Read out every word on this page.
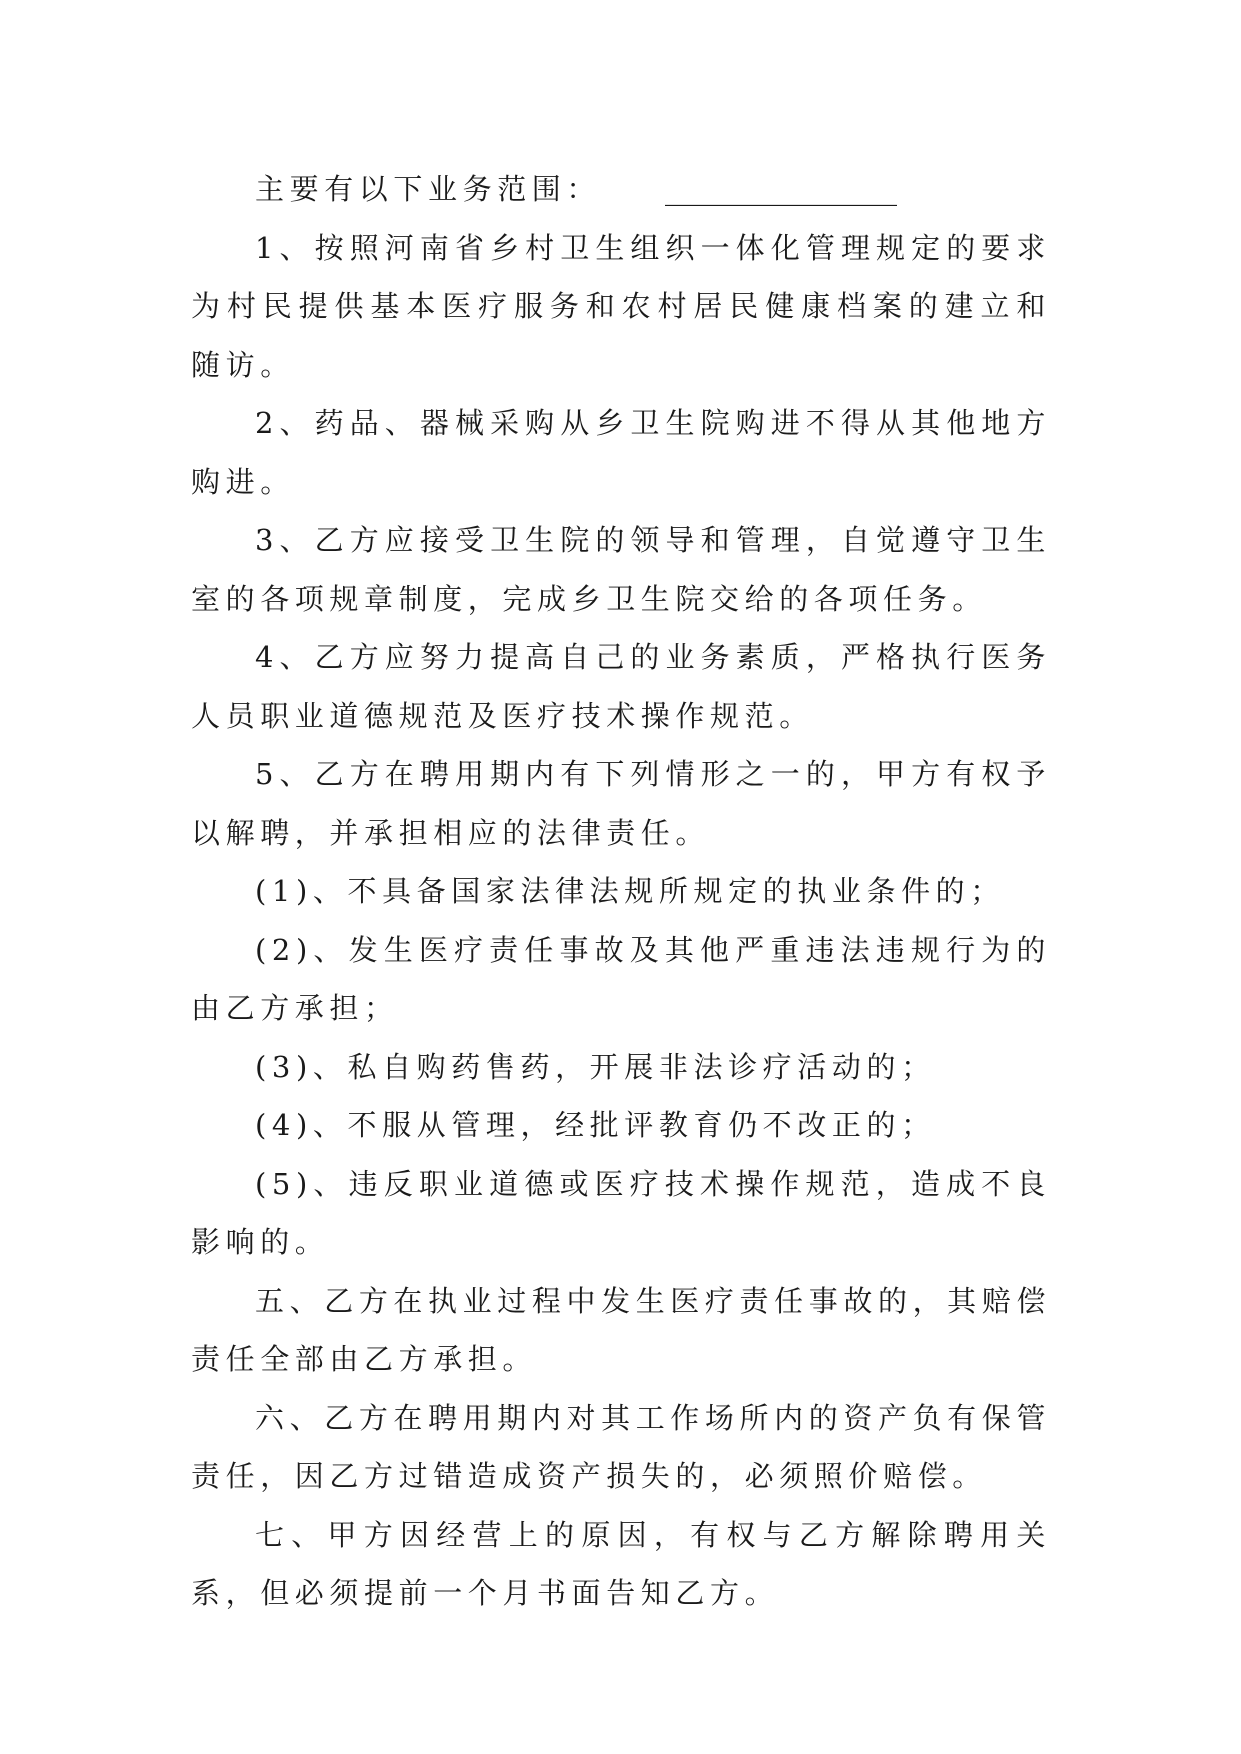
主要有以下业务范围： ________________

1、按照河南省乡村卫生组织一体化管理规定的要求为村民提供基本医疗服务和农村居民健康档案的建立和随访。

2、药品、器械采购从乡卫生院购进不得从其他地方购进。

3、乙方应接受卫生院的领导和管理，自觉遵守卫生室的各项规章制度，完成乡卫生院交给的各项任务。

4、乙方应努力提高自己的业务素质，严格执行医务人员职业道德规范及医疗技术操作规范。

5、乙方在聘用期内有下列情形之一的，甲方有权予以解聘，并承担相应的法律责任。

(1)、不具备国家法律法规所规定的执业条件的；

(2)、发生医疗责任事故及其他严重违法违规行为的由乙方承担；

(3)、私自购药售药，开展非法诊疗活动的；

(4)、不服从管理，经批评教育仍不改正的；

(5)、违反职业道德或医疗技术操作规范，造成不良影响的。

五、乙方在执业过程中发生医疗责任事故的，其赔偿责任全部由乙方承担。

六、乙方在聘用期内对其工作场所内的资产负有保管责任，因乙方过错造成资产损失的，必须照价赔偿。

七、甲方因经营上的原因，有权与乙方解除聘用关系，但必须提前一个月书面告知乙方。
